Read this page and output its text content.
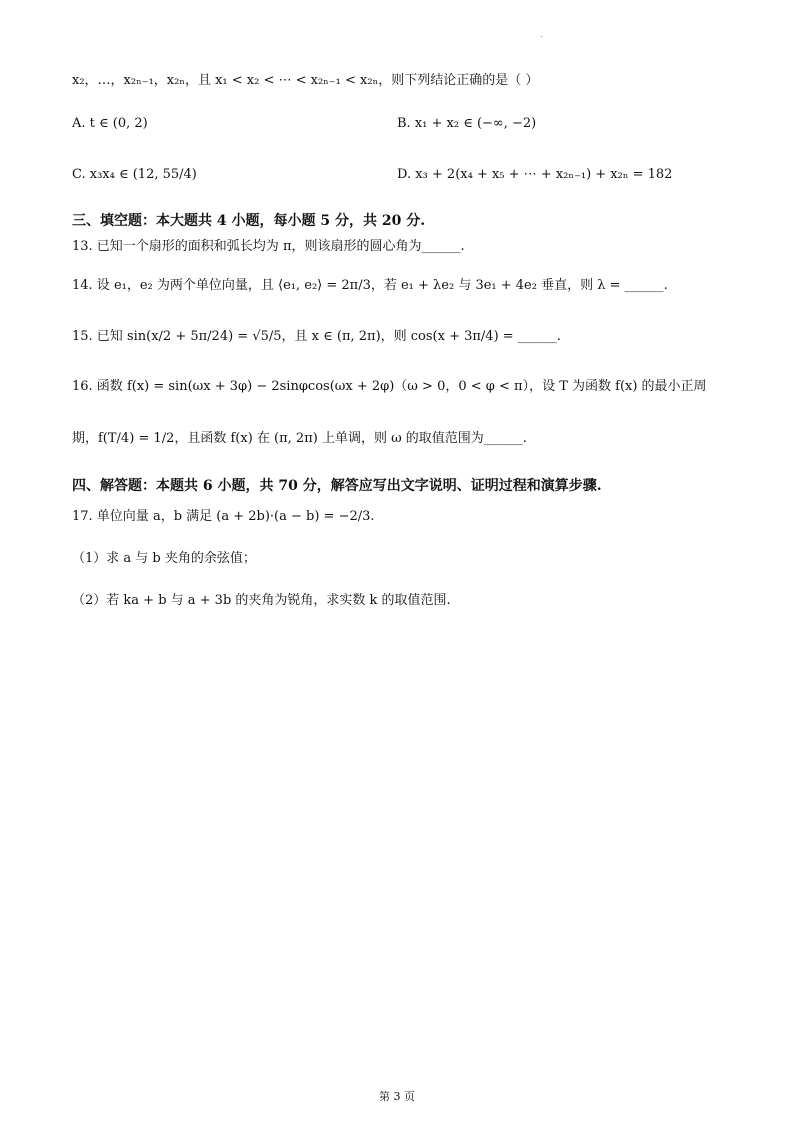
.
x₂，…，x₂ₙ₋₁，x₂ₙ，且 x₁ < x₂ < ⋯ < x₂ₙ₋₁ < x₂ₙ，则下列结论正确的是（ ）
A. t ∈ (0, 2)	B. x₁ + x₂ ∈ (−∞, −2)
C. x₃x₄ ∈ (12, 55/4)	D. x₃ + 2(x₄ + x₅ + ⋯ + x₂ₙ₋₁) + x₂ₙ = 182
三、填空题：本大题共 4 小题，每小题 5 分，共 20 分.
13. 已知一个扇形的面积和弧长均为 π，则该扇形的圆心角为______.
14. 设 e₁，e₂ 为两个单位向量，且 ⟨e₁, e₂⟩ = 2π/3，若 e₁ + λe₂ 与 3e₁ + 4e₂ 垂直，则 λ = ______.
15. 已知 sin(x/2 + 5π/24) = √5/5，且 x ∈ (π, 2π)，则 cos(x + 3π/4) = ______.
16. 函数 f(x) = sin(ωx + 3φ) − 2sinφcos(ωx + 2φ)（ω > 0，0 < φ < π），设 T 为函数 f(x) 的最小正周
期，f(T/4) = 1/2，且函数 f(x) 在 (π, 2π) 上单调，则 ω 的取值范围为______.
四、解答题：本题共 6 小题，共 70 分，解答应写出文字说明、证明过程和演算步骤.
17. 单位向量 a，b 满足 (a + 2b)·(a − b) = −2/3.
（1）求 a 与 b 夹角的余弦值；
（2）若 ka + b 与 a + 3b 的夹角为锐角，求实数 k 的取值范围.
第 3 页
